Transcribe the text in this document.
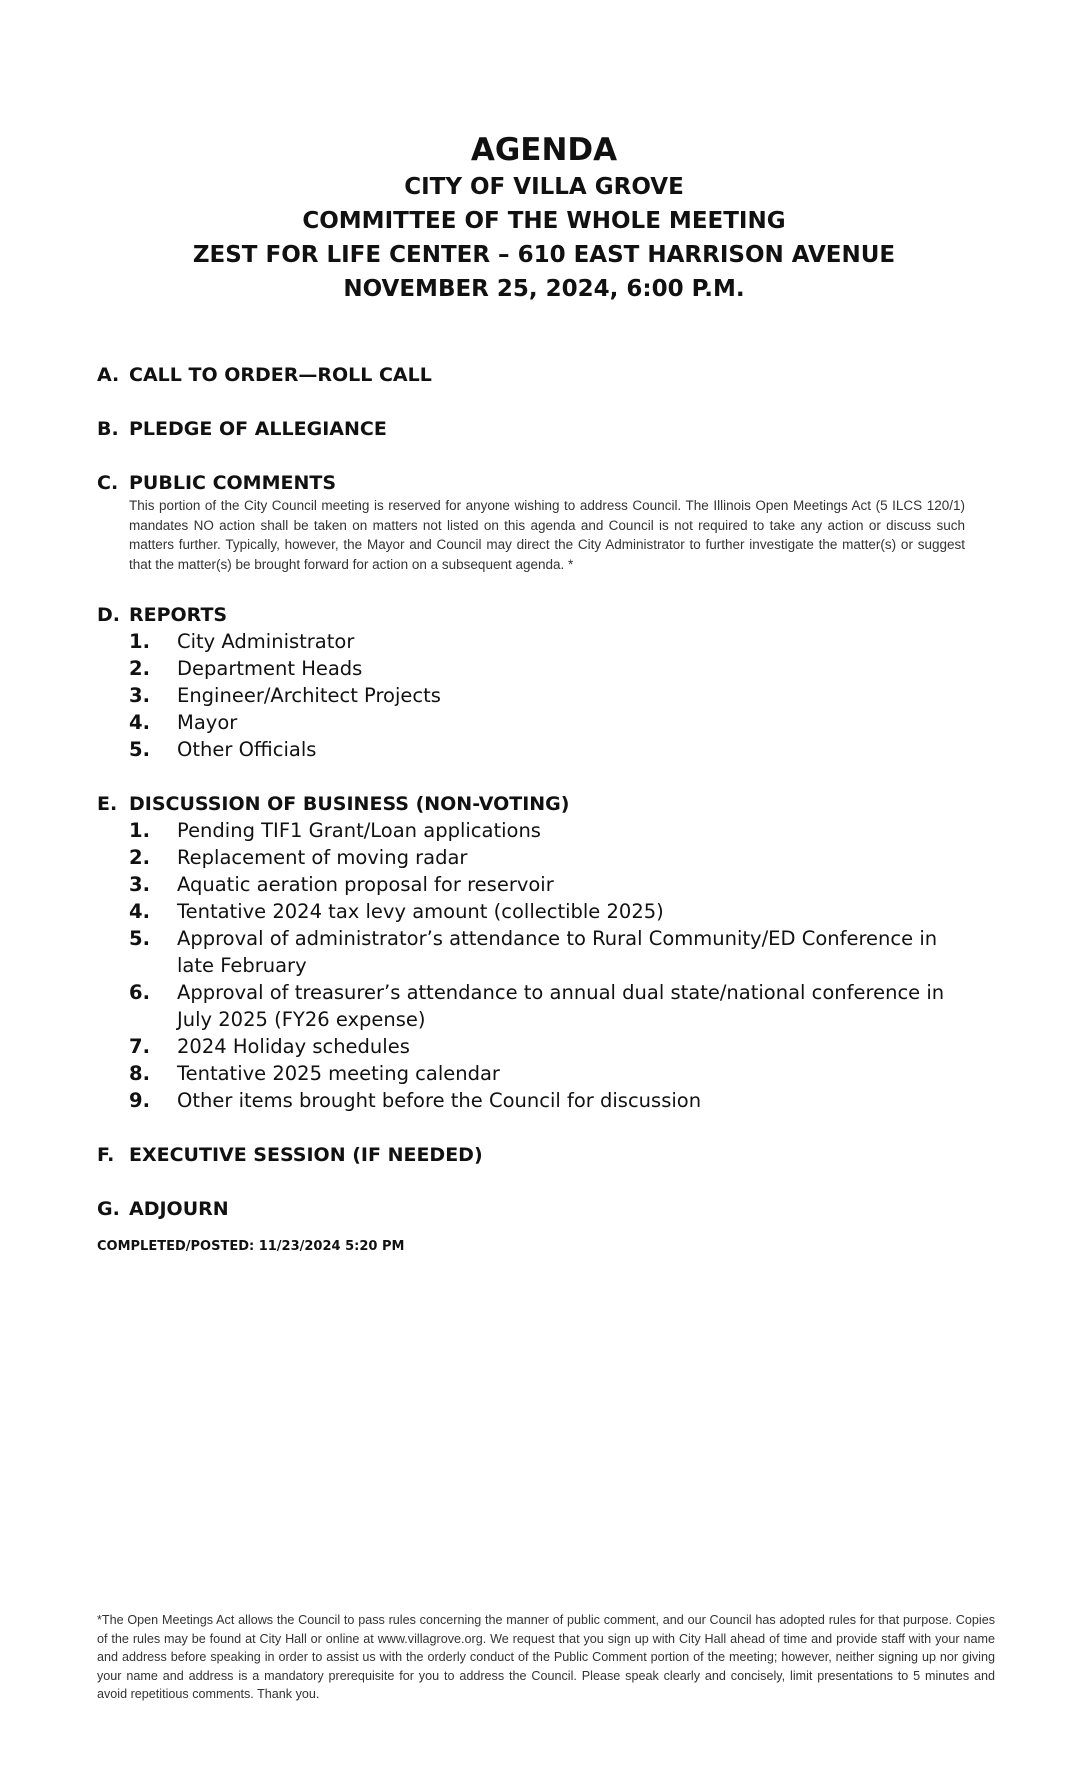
AGENDA
CITY OF VILLA GROVE
COMMITTEE OF THE WHOLE MEETING
ZEST FOR LIFE CENTER – 610 EAST HARRISON AVENUE
NOVEMBER 25, 2024, 6:00 P.M.
A. CALL TO ORDER—ROLL CALL
B. PLEDGE OF ALLEGIANCE
C. PUBLIC COMMENTS
This portion of the City Council meeting is reserved for anyone wishing to address Council. The Illinois Open Meetings Act (5 ILCS 120/1) mandates NO action shall be taken on matters not listed on this agenda and Council is not required to take any action or discuss such matters further. Typically, however, the Mayor and Council may direct the City Administrator to further investigate the matter(s) or suggest that the matter(s) be brought forward for action on a subsequent agenda. *
D. REPORTS
1.	City Administrator
2.	Department Heads
3.	Engineer/Architect Projects
4.	Mayor
5.	Other Officials
E. DISCUSSION OF BUSINESS (NON-VOTING)
1.	Pending TIF1 Grant/Loan applications
2.	Replacement of moving radar
3.	Aquatic aeration proposal for reservoir
4.	Tentative 2024 tax levy amount (collectible 2025)
5.	Approval of administrator’s attendance to Rural Community/ED Conference in late February
6.	Approval of treasurer’s attendance to annual dual state/national conference in July 2025 (FY26 expense)
7.	2024 Holiday schedules
8.	Tentative 2025 meeting calendar
9.	Other items brought before the Council for discussion
F. EXECUTIVE SESSION (IF NEEDED)
G. ADJOURN
COMPLETED/POSTED: 11/23/2024 5:20 PM
*The Open Meetings Act allows the Council to pass rules concerning the manner of public comment, and our Council has adopted rules for that purpose. Copies of the rules may be found at City Hall or online at www.villagrove.org. We request that you sign up with City Hall ahead of time and provide staff with your name and address before speaking in order to assist us with the orderly conduct of the Public Comment portion of the meeting; however, neither signing up nor giving your name and address is a mandatory prerequisite for you to address the Council. Please speak clearly and concisely, limit presentations to 5 minutes and avoid repetitious comments. Thank you.
